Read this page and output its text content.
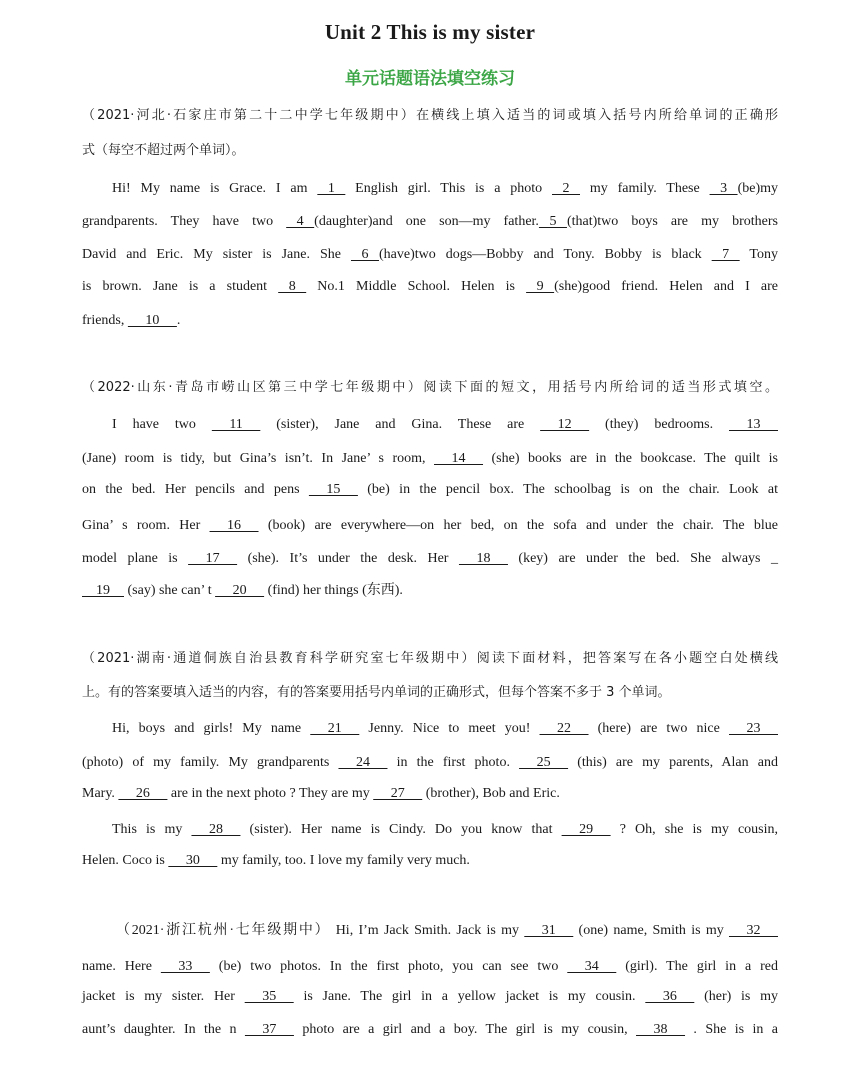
Unit 2 This is my sister
单元话题语法填空练习
（2021·河北·石家庄市第二十二中学七年级期中）在横线上填入适当的词或填入括号内所给单词的正确形
式（每空不超过两个单词）。
Hi! My name is Grace. I am    1    English girl. This is a photo    2    my family. These    3   (be)my
grandparents. They have two    4   (daughter)and one son—my father.   5   (that)two boys are my brothers
David and Eric. My sister is Jane. She    6   (have)two dogs—Bobby and Tony. Bobby is black    7    Tony
is brown. Jane is a student    8    No.1 Middle School. Helen is    9   (she)good friend. Helen and I are
friends,      10     .
（2022·山东·青岛市崂山区第三中学七年级期中）阅读下面的短文，用括号内所给词的适当形式填空。
I have two      11      (sister), Jane and Gina. These are      12      (they) bedrooms.      13
(Jane) room is tidy, but Gina’s isn’t. In Jane’ s room,      14      (she) books are in the bookcase. The quilt is
on the bed. Her pencils and pens      15      (be) in the pencil box. The schoolbag is on the chair. Look at
Gina’ s room. Her      16      (book) are everywhere—on her bed, on the sofa and under the chair. The blue
model plane is      17      (she). It’s under the desk. Her      18      (key) are under the bed. She always _
19     (say) she can’ t      20      (find) her things (东西).
（2021·湖南·通道侗族自治县教育科学研究室七年级期中）阅读下面材料，把答案写在各小题空白处横线
上。有的答案要填入适当的内容，有的答案要用括号内单词的正确形式，但每个答案不多于 3 个单词。
Hi, boys and girls! My name      21      Jenny. Nice to meet you!      22      (here) are two nice      23
(photo) of my family. My grandparents      24      in the first photo.      25      (this) are my parents, Alan and
Mary.      26      are in the next photo ? They are my      27      (brother), Bob and Eric.
This is my      28      (sister). Her name is Cindy. Do you know that      29      ? Oh, she is my cousin,
Helen. Coco is      30      my family, too. I love my family very much.
（2021·浙江杭州·七年级期中） Hi, I’m Jack Smith. Jack is my      31      (one) name, Smith is my      32
name. Here      33      (be) two photos. In the first photo, you can see two      34      (girl). The girl in a red
jacket is my sister. Her      35      is Jane. The girl in a yellow jacket is my cousin.      36      (her) is my
aunt’s daughter. In the n      37      photo are a girl and a boy. The girl is my cousin,      38      . She is in a
